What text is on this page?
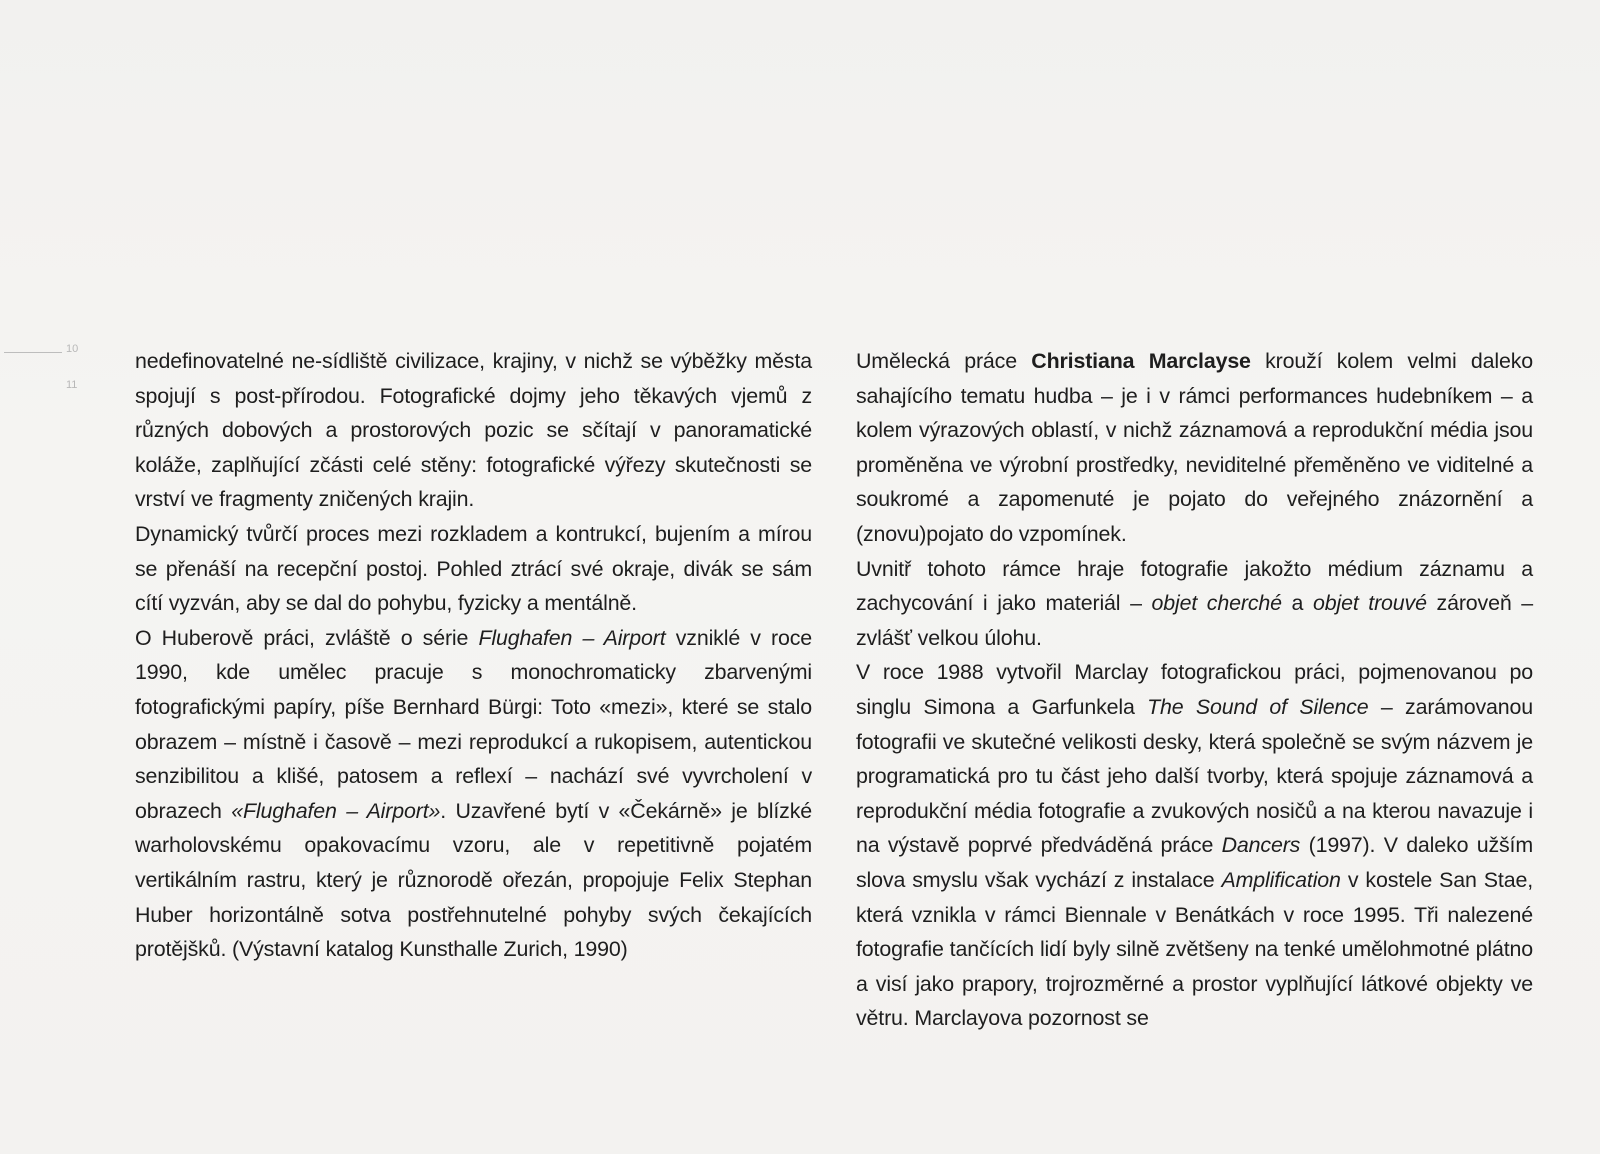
10
11

nedefinovatelné ne-sídliště civilizace, krajiny, v nichž se výběžky města spojují s post-přírodou. Fotografické dojmy jeho těkavých vjemů z různých dobových a prostorových pozic se sčítají v panoramatické koláže, zaplňující zčásti celé stěny: fotografické výřezy skutečnosti se vrství ve fragmenty zničených krajin.

Dynamický tvůrčí proces mezi rozkladem a kontrukcí, bujením a mírou se přenáší na recepční postoj. Pohled ztrácí své okraje, divák se sám cítí vyzván, aby se dal do pohybu, fyzicky a mentálně.

O Huberově práci, zvláště o série Flughafen – Airport vzniklé v roce 1990, kde umělec pracuje s monochromaticky zbarvenými fotografickými papíry, píše Bernhard Bürgi: Toto «mezi», které se stalo obrazem – místně i časově – mezi reprodukcí a rukopisem, autentickou senzibilitou a klišé, patosem a reflexí – nachází své vyvrcholení v obrazech «Flughafen – Airport». Uzavřené bytí v «Čekárně» je blízké warholovskému opakovacímu vzoru, ale v repetitivně pojatém vertikálním rastru, který je různorodě ořezán, propojuje Felix Stephan Huber horizontálně sotva postřehnutelné pohyby svých čekajících protějšků. (Výstavní katalog Kunsthalle Zurich, 1990)

Umělecká práce Christiana Marclayse krouží kolem velmi daleko sahajícího tematu hudba – je i v rámci performances hudebníkem – a kolem výrazových oblastí, v nichž záznamová a reprodukční média jsou proměněna ve výrobní prostředky, neviditelné přeměněno ve viditelné a soukromé a zapomenuté je pojato do veřejného znázornění a (znovu)pojato do vzpomínek.

Uvnitř tohoto rámce hraje fotografie jakožto médium záznamu a zachycování i jako materiál – objet cherché a objet trouvé zároveň – zvlášť velkou úlohu.

V roce 1988 vytvořil Marclay fotografickou práci, pojmenovanou po singlu Simona a Garfunkela The Sound of Silence – zarámovanou fotografii ve skutečné velikosti desky, která společně se svým názvem je programatická pro tu část jeho další tvorby, která spojuje záznamová a reprodukční média fotografie a zvukových nosičů a na kterou navazuje i na výstavě poprvé předváděná práce Dancers (1997). V daleko užším slova smyslu však vychází z instalace Amplification v kostele San Stae, která vznikla v rámci Biennale v Benátkách v roce 1995. Tři nalezené fotografie tančících lidí byly silně zvětšeny na tenké umělohmotné plátno a visí jako prapory, trojrozměrné a prostor vyplňující látkové objekty ve větru. Marclayova pozornost se
